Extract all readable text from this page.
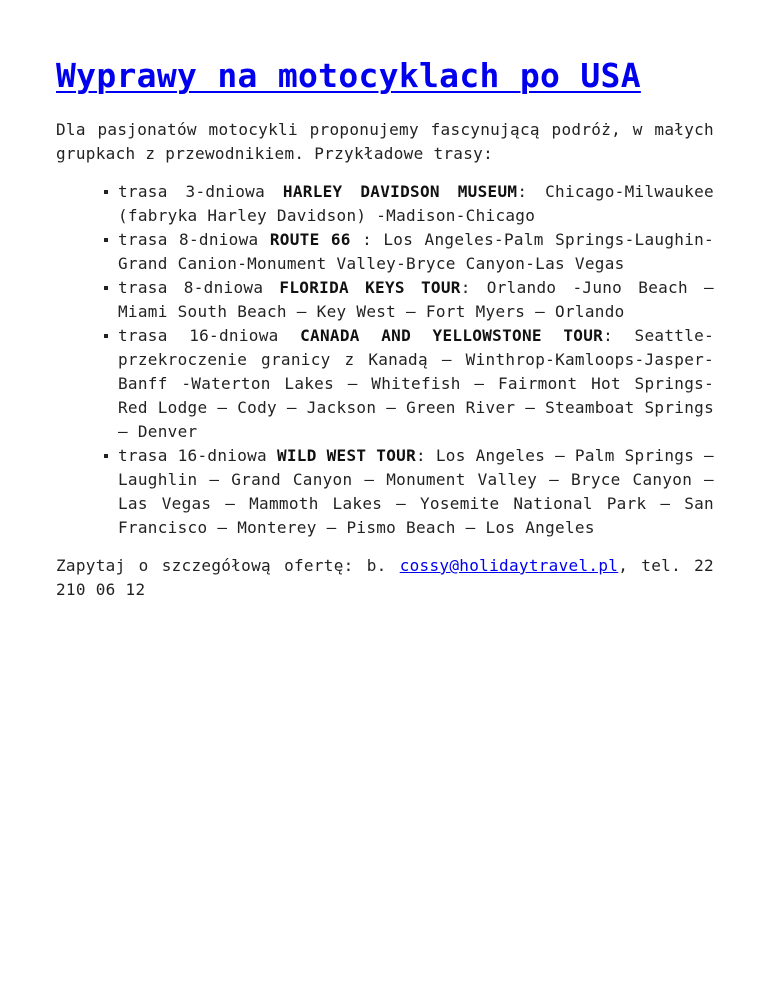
Wyprawy na motocyklach po USA

Dla pasjonatów motocykli proponujemy fascynującą podróż, w małych grupkach z przewodnikiem. Przykładowe trasy:

trasa 3-dniowa HARLEY DAVIDSON MUSEUM: Chicago-Milwaukee (fabryka Harley Davidson) -Madison-Chicago
trasa 8-dniowa ROUTE 66 : Los Angeles-Palm Springs-Laughin-Grand Canion-Monument Valley-Bryce Canyon-Las Vegas
trasa 8-dniowa FLORIDA KEYS TOUR: Orlando -Juno Beach – Miami South Beach – Key West – Fort Myers – Orlando
trasa 16-dniowa CANADA AND YELLOWSTONE TOUR: Seattle-przekroczenie granicy z Kanadą – Winthrop-Kamloops-Jasper-Banff -Waterton Lakes – Whitefish – Fairmont Hot Springs- Red Lodge – Cody – Jackson – Green River – Steamboat Springs – Denver
trasa 16-dniowa WILD WEST TOUR: Los Angeles – Palm Springs – Laughlin – Grand Canyon – Monument Valley – Bryce Canyon – Las Vegas – Mammoth Lakes – Yosemite National Park – San Francisco – Monterey – Pismo Beach – Los Angeles

Zapytaj o szczegółową ofertę: b. cossy@holidaytravel.pl, tel. 22 210 06 12
